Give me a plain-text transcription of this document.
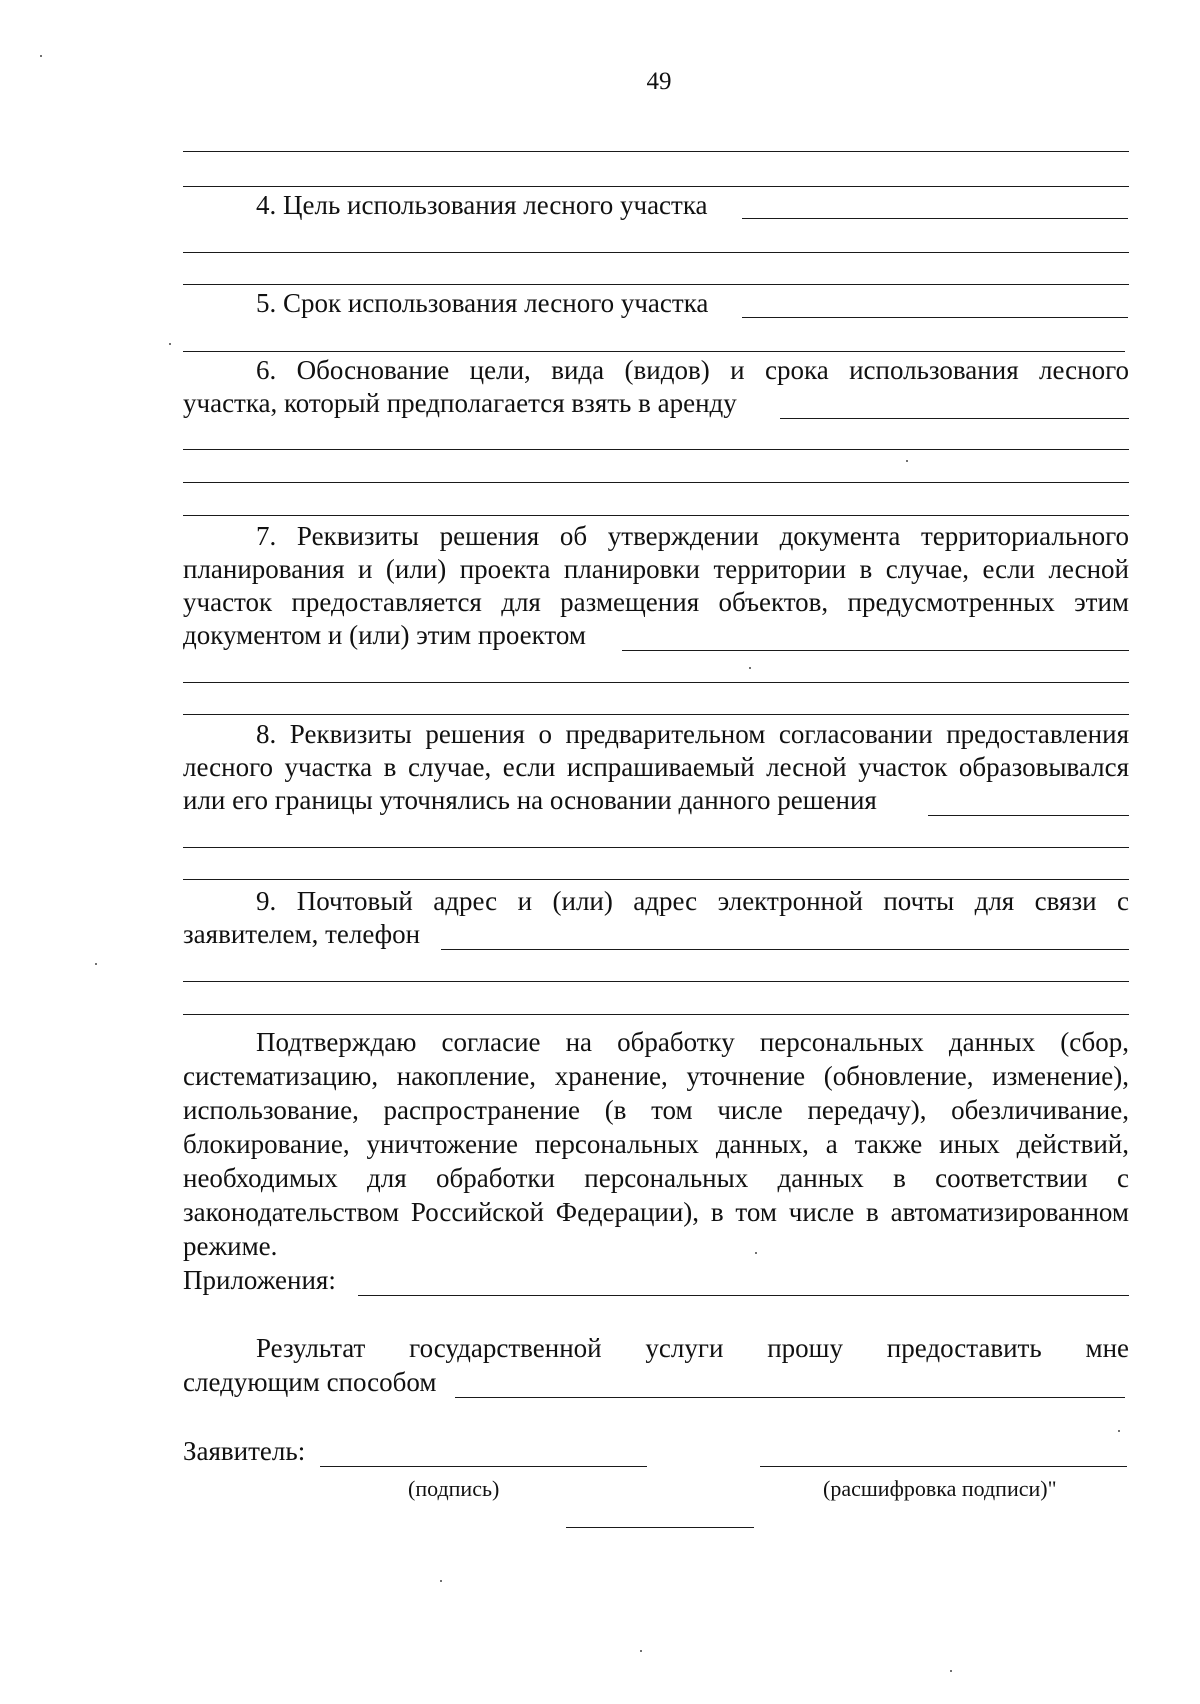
49
4. Цель использования лесного участка
5. Срок использования лесного участка
6. Обоснование цели, вида (видов) и срока использования лесного
участка, который предполагается взять в аренду
7. Реквизиты решения об утверждении документа территориального
планирования и (или) проекта планировки территории в случае, если лесной
участок предоставляется для размещения объектов, предусмотренных этим
документом и (или) этим проектом
8. Реквизиты решения о предварительном согласовании предоставления
лесного участка в случае, если испрашиваемый лесной участок образовывался
или его границы уточнялись на основании данного решения
9. Почтовый адрес и (или) адрес электронной почты для связи с
заявителем, телефон
Подтверждаю согласие на обработку персональных данных (сбор,
систематизацию, накопление, хранение, уточнение (обновление, изменение),
использование, распространение (в том числе передачу), обезличивание,
блокирование, уничтожение персональных данных, а также иных действий,
необходимых для обработки персональных данных в соответствии с
законодательством Российской Федерации), в том числе в автоматизированном
режиме.
Приложения:
Результат государственной услуги прошу предоставить мне
следующим способом
Заявитель:
(подпись)	(расшифровка подписи)"
